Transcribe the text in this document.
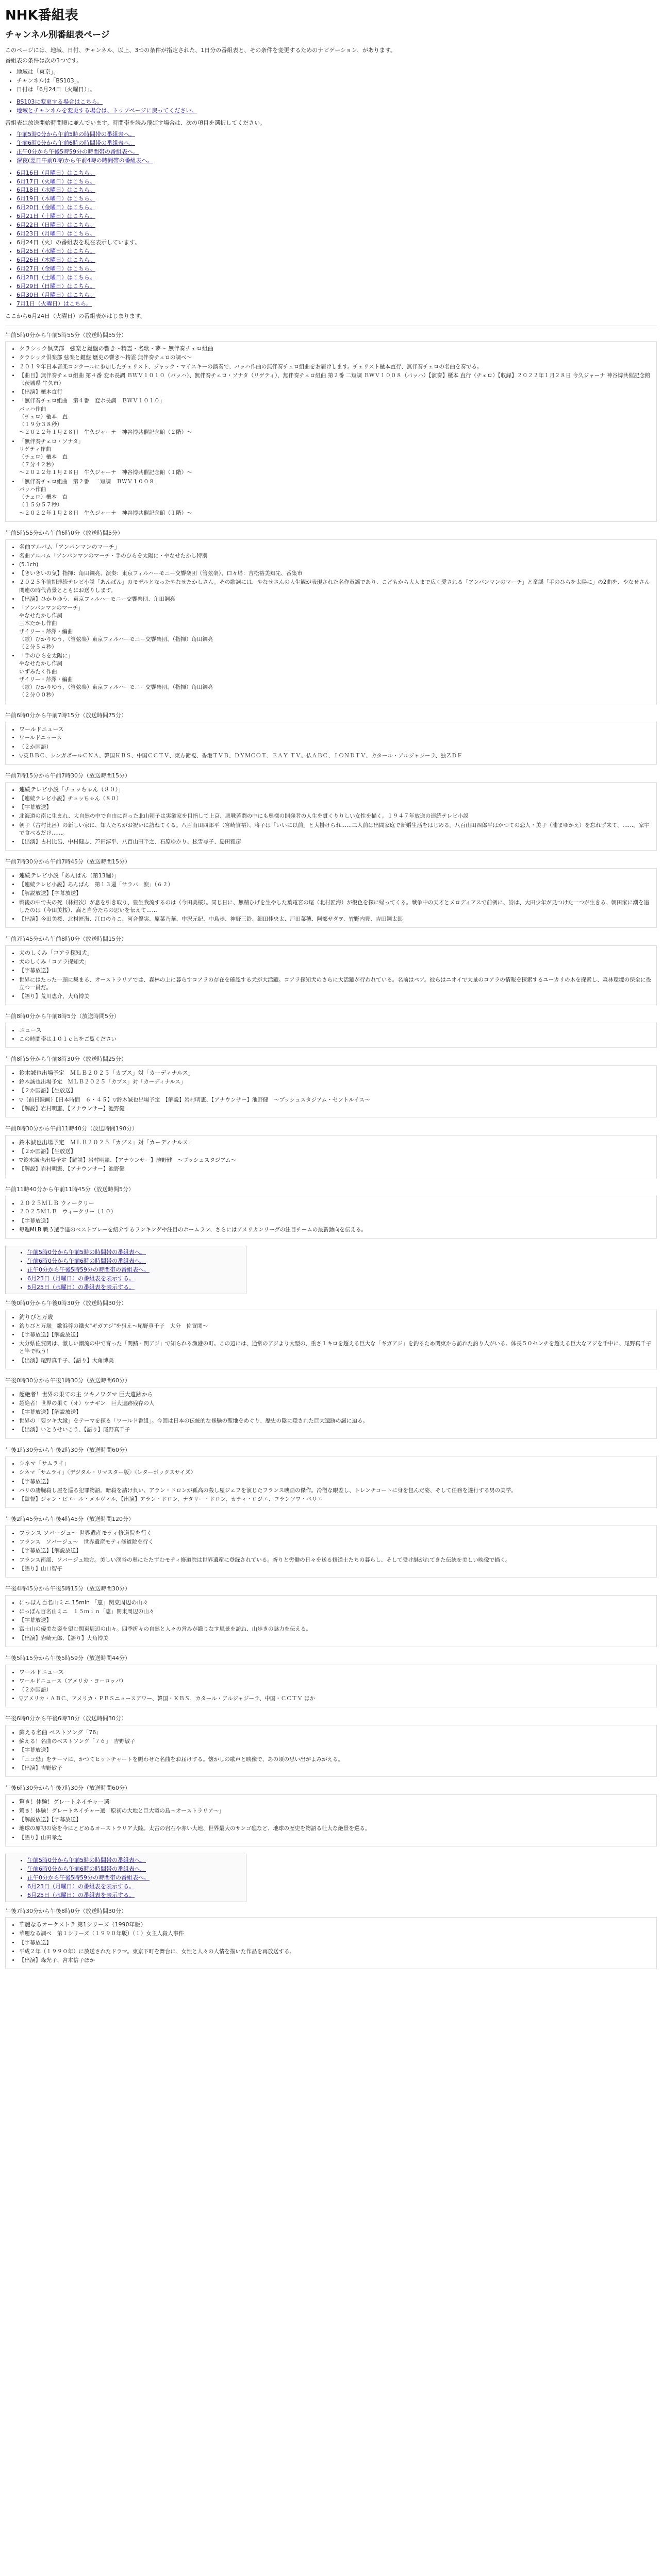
NHK番組表
チャンネル別番組表ページ

このページには、地域、日付、チャンネル、以上、3つの条件が指定された、1日分の番組表と、その条件を変更するためのナビゲーション、があります。

番組表の条件は次の3つです。

• 地域は「東京」。
• チャンネルは「BS103」。
• 日付は「6月24日（火曜日）」。
• BS103に変更する場合はこちら。
• 地域とチャンネルを変更する場合は、トップページに戻ってください。

番組表は放送開始時間順に並んでいます。時間帯を読み飛ばす場合は、次の項目を選択してください。

• 午前5時0分から午前5時の時間帯の番組表へ。
• 午前6時0分から午前6時の時間帯の番組表へ。
• 正午0分から午後5時59分の時間帯の番組表へ。
• 深夜(翌日午前0時)から午前4時の時間帯の番組表へ。
• 6月16日（月曜日）はこちら。
• 6月17日（火曜日）はこちら。
• 6月18日（水曜日）はこちら。
• 6月19日（木曜日）はこちら。
• 6月20日（金曜日）はこちら。
• 6月21日（土曜日）はこちら。
• 6月22日（日曜日）はこちら。
• 6月23日（月曜日）はこちら。
• 6月24日（火）の番組表を現在表示しています。
• 6月25日（水曜日）はこちら。
• 6月26日（木曜日）はこちら。
• 6月27日（金曜日）はこちら。
• 6月28日（土曜日）はこちら。
• 6月29日（日曜日）はこちら。
• 6月30日（月曜日）はこちら。
• 7月1日（火曜日）はこちら。

ここから6月24日（火曜日）の番組表がはじまります。

午前5時0分から午前5時55分（放送時間55分）

• クラシック倶楽部　弦楽と鍵盤の響き〜精霊・名歌・夢〜 無伴奏チェロ組曲
• クラシック倶楽部 弦楽と鍵盤 歴史の響き〜精霊 無伴奏チェロの調べ〜
• ２０１９年日本音楽コンクールに参加したチェリスト、ジャック・マイスキーの演奏で、バッハ作曲の無伴奏チェロ組曲をお届けします。チェリスト櫃本直行、無伴奏チェロの名曲を奏でる。
• 【曲目】無伴奏チェロ組曲 第４番 変ホ長調 ＢＷＶ１０１０（バッハ）、無伴奏チェロ・ソナタ（リゲティ）、無伴奏チェロ組曲 第２番 二短調 ＢＷＶ１００８（バッハ）【演奏】櫃本 直行（チェロ）【収録】２０２２年１月２８日 今久ジャーナ 神谷博共催記念館（茨城県 牛久市）
• 【出演】櫃本直行
• 「無伴奏チェロ組曲　第４番　変ホ長調　ＢＷＶ１０１０」
バッハ作曲
（チェロ）櫃本　直
（１９分３８秒）
〜２０２２年１月２８日　牛久ジャーナ　神谷博共催記念館（２階）〜
• 「無伴奏チェロ・ソナタ」
リゲティ作曲
（チェロ）櫃本　直
（７分４２秒）
〜２０２２年１月２８日　牛久ジャーナ　神谷博共催記念館（１階）〜
• 「無伴奏チェロ組曲　第２番　二短調　ＢＷＶ１００８」
バッハ作曲
（チェロ）櫃本　直
（１５分５７秒）
〜２０２２年１月２８日　牛久ジャーナ　神谷博共催記念館（１階）〜

午前5時55分から午前6時0分（放送時間5分）

• 名曲アルバム「アンパンマンのマーチ」
• 名曲アルバム「アンパンマンのマーチ・手のひらを太陽に・やなせたかし特別
• (5.1ch)
• 【きいきいの気】指揮：角田鋼亮、演奏：東京フィルハーモニー交響楽団（管弦楽）、口々塔：吉松裕美知先、番集市
• ２０２５年前期連続テレビ小説「あんぱん」のモデルとなったやなせたかしさん。その歌詞には、やなせさんの人生観が表現された名作童謡であり、こどもから大人まで広く愛される「アンパンマンのマーチ」と童謡「手のひらを太陽に」の2曲を、やなせさん関連の時代背景とともにお送りします。
• 【出演】ひかりゆう、東京フィルハーモニー交響楽団、角田鋼亮
• 「アンパンマンのマーチ」
やなせたかし作詞
三木たかし作曲
ザイリー・芹澤・編曲
（歌）ひかりゆう、（管弦楽）東京フィルハーモニー交響楽団、（指揮）角田鋼亮
（２分５４秒）
• 「手のひらを太陽に」
やなせたかし作詞
いずみたく作曲
ザイリー・芹澤・編曲
（歌）ひかりゆう、（管弦楽）東京フィルハーモニー交響楽団、（指揮）角田鋼亮
（２分００秒）

午前6時0分から午前7時15分（放送時間75分）

• ワールドニュース
• ワールドニュース
• （２か国語）
• ▽英ＢＢＣ、シンガポールＣＮＡ、韓国ＫＢＳ、中国ＣＣＴＶ、東方衛視、香港ＴＶＢ、ＤＹＭＣＯＴ、ＥＡＹ ＴＶ、仏ＡＢＣ、ＩＯＮＤＴＶ、カタール・アルジャジーラ、独ＺＤＦ

午前7時15分から午前7時30分（放送時間15分）

• 連続テレビ小説「チュッちゃん（８０）」
• 【連続テレビ小説】チュッちゃん（８０）
• 【字幕放送】
• 北海道の南に生まれ、大自然の中で自由に育った北山朝子は実業家を目指して上京、悪戦苦闘の中にも奥様の開発者の人生を貫くりりしい女性を描く。１９４７年放送の連続テレビ小説
• 朝子（古村比呂）の新しい家に、知人たちがお祝いに訪ねてくる。八百山田四郎平（宮崎賀裕）、将子は「いいに以前」と大掛けられ……二人前は出間家庭で新婚生活をはじめる。八百山田四郎平はかつての恋人・美子（浦まゆかえ）を忘れず来て、……。家宇で食べるだけ……。
• 【出演】古村比呂、中村健志、芦田淳平、八百山田平之、石原ゆかり、松雪尋子、島田雅彦

午前7時30分から午前7時45分（放送時間15分）

• 連続テレビ小説「あんぱん（第13週）」
• 【連続テレビ小説】あんぱん　第１３週「サラバ　涙」（６２）
• 【解説放送】【字幕放送】
• 戦後の中で夫の死（林銀次）が息を引き取り、豊生我流するのは（今田美桜）。同じ日に、無精ひげを生やした葉電宮の尾（北村匠海）が復色を探に帰ってくる。戦争中の天才とメロディアスで前例に、詩は、大田少年が見つけた一つが生きる、朝田家に潮を追したのは（今田美桜）、嵩と自分たちの思いを伝えて……
• 【出演】今田美桜、北村匠海、江口のりこ、河合優実、原菜乃華、中沢元紀、中島歩、神野三鈴、細田佳央太、戸田菜穂、阿部サダヲ、竹野内豊、吉田鋼太郎

午前7時45分から午前8時0分（放送時間15分）

• 犬のしくみ「コアラ探知犬」
• 犬のしくみ「コアラ探知犬」
• 【字幕放送】
• 世界にはたった一頭に集まる、オーストラリアでは、森林の上に暮らすコアラの存在を確認する犬が大活躍。コアラ探知犬のさらに大活躍が行われている。名前はベア。彼らはニオイで大量のコアラの情報を探索するユーカリの木を探索し、森林環境の保全に役立つ一員だ。
• 【語り】荒川恵介、大角博美

午前8時0分から午前8時5分（放送時間5分）

• ニュース
• この時間帯は１０１ｃｈをご覧ください

午前8時5分から午前8時30分（放送時間25分）

• 鈴木誠也出場予定　ＭＬＢ２０２５「カブス」対「カーディナルス」
• 鈴木誠也出場予定　ＭＬＢ２０２５「カブス」対「カーディナルス」
• 【２か国語】【生放送】
• ▽（前日録画）【日本時間　６・４５】▽鈴木誠也出場予定　【解説】岩村明憲、【アナウンサー】池野健　〜ブッシュスタジアム・セントルイス〜
• 【解説】岩村明憲、【アナウンサー】池野健

午前8時30分から午前11時40分（放送時間190分）

• 鈴木誠也出場予定　ＭＬＢ２０２５「カブス」対「カーディナルス」
• 【２か国語】【生放送】
• ▽鈴木誠也出場予定【解説】岩村明憲、【アナウンサー】池野健　〜ブッシュスタジアム〜
• 【解説】岩村明憲、【アナウンサー】池野健

午前11時40分から午前11時45分（放送時間5分）

• ２０２５ＭＬＢ ウィークリー
• ２０２５ＭＬＢ　ウィークリー（１０）
• 【字幕放送】
• 毎週MLB 戦う選手達のベストプレーを紹介するランキングや注目のホームラン、さらにはアメリカンリーグの注目チームの最新動向を伝える。
• 午前5時0分から午前5時の時間帯の番組表へ。
• 午前6時0分から午前6時の時間帯の番組表へ。
• 正午0分から午後5時59分の時間帯の番組表へ。
• 6月23日（月曜日）の番組表を表示する。
• 6月25日（水曜日）の番組表を表示する。

午後0時0分から午後0時30分（放送時間30分）

• 釣りびと万歳
• 釣りびと万歳　歌浜尊の鐵火"ギガアジ"を狙え〜尾野真千子　大分　佐賀関〜
• 【字幕放送】【解説放送】
• 大分県佐賀関は、激しい潮流の中で育った「関鯖・関アジ」で知られる漁港の町。この辺には、通常のアジより大型の、重さ１キロを超える巨大な「ギガアジ」を釣るため関東から訪れた釣り人がいる。体長５０センチを超える巨大なアジを手中に、尾野真千子と竿で戦う！
• 【出演】尾野真千子、【語り】大角博美

午後0時30分から午後1時30分（放送時間60分）

• 超絶者！世界の果ての主 ツキノワグマ 巨大遺跡から
• 超絶者！世界の果て（オ）ウナギン　巨大遺跡残存の人
• 【字幕放送】【解説放送】
• 世界の「要ツキ大縁」をテーマを探る「ワールド番組」。今回は日本の伝統的な修験の聖地をめぐり、歴史の陰に隠された巨大遺跡の謎に迫る。
• 【出演】いとうせいこう、【語り】尾野真千子

午後1時30分から午後2時30分（放送時間60分）

• シネマ「サムライ」
• シネマ「サムライ」〈デジタル・リマスター版〉〈レターボックスサイズ〉
• 【字幕放送】
• パリの凄腕殺し屋を巡る犯罪物語。暗殺を請け負い、アラン・ドロンが孤高の殺し屋ジェフを演じたフランス映画の傑作。冷徹な眼差し、トレンチコートに身を包んだ姿、そして任務を遂行する男の美学。
• 【監督】ジャン・ピエール・メルヴィル、【出演】アラン・ドロン、ナタリー・ドロン、カティ・ロジエ、フランソワ・ペリエ

午後2時45分から午後4時45分（放送時間120分）

• フランス ソバージュ〜 世界遺産モティ修道院を行く
• フランス　ソバージュ〜　世界遺産モティ修道院を行く
• 【字幕放送】【解説放送】
• フランス南部、ソバージュ地方。美しい渓谷の奥にたたずむモティ修道院は世界遺産に登録されている。祈りと労働の日々を送る修道士たちの暮らし、そして受け継がれてきた伝統を美しい映像で描く。
• 【語り】山口智子

午後4時45分から午後5時15分（放送時間30分）

• にっぽん百名山ミニ 15min 「恵」関東周辺の山々
• にっぽん百名山ミニ　１５ｍｉｎ「恵」関東周辺の山々
• 【字幕放送】
• 富士山の優美な姿を望む関東周辺の山々。四季折々の自然と人々の営みが織りなす風景を訪ね、山歩きの魅力を伝える。
• 【出演】岩崎元郎、【語り】大角博美

午後5時15分から午後5時59分（放送時間44分）

• ワールドニュース
• ワールドニュース（アメリカ・ヨーロッパ）
• （２か国語）
• ▽アメリカ・ＡＢＣ、アメリカ・ＰＢＳニュースアワー、韓国・ＫＢＳ、カタール・アルジャジーラ、中国・ＣＣＴＶ ほか

午後6時0分から午後6時30分（放送時間30分）

• 蘇える名曲 ベストソング「76」
• 蘇える！名曲のベストソング「７６」　吉野敏子
• 【字幕放送】
• 「ニコ恐」をテーマに、かつてヒットチャートを賑わせた名曲をお届けする。懐かしの歌声と映像で、あの頃の思い出がよみがえる。
• 【出演】吉野敏子

午後6時30分から午後7時30分（放送時間60分）

• 驚き！体験！グレートネイチャー選
• 驚き！体験！グレートネイチャー選「原初の大地と巨大竜の島〜オーストラリア〜」
• 【解説放送】【字幕放送】
• 地球の原初の姿を今にとどめるオーストラリア大陸。太古の岩石や赤い大地、世界最大のサンゴ礁など、地球の歴史を物語る壮大な絶景を巡る。
• 【語り】山田孝之
• 午前5時0分から午前5時の時間帯の番組表へ。
• 午前6時0分から午前6時の時間帯の番組表へ。
• 正午0分から午後5時59分の時間帯の番組表へ。
• 6月23日（月曜日）の番組表を表示する。
• 6月25日（水曜日）の番組表を表示する。

午後7時30分から午後8時0分（放送時間30分）

• 華麗なるオーケストラ 第1シリーズ（1990年版）
• 華麗なる調べ　第１シリーズ（１９９０年版）（１）女主人殺人事件
• 【字幕放送】
• 平成２年（１９９０年）に放送されたドラマ。東京下町を舞台に、女性と人々の人情を描いた作品を再放送する。
• 【出演】森光子、宮本信子ほか
